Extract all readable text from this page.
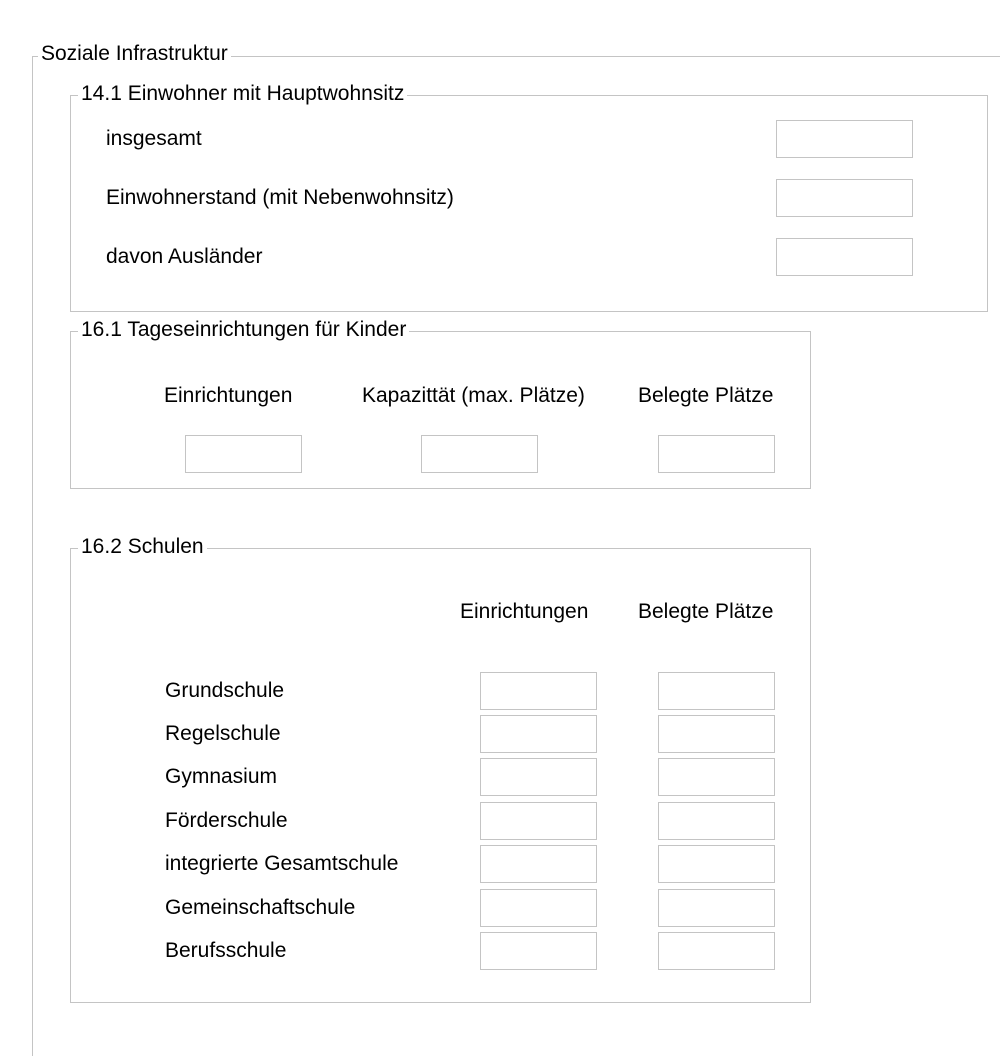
Soziale Infrastruktur
14.1 Einwohner mit Hauptwohnsitz
insgesamt
Einwohnerstand (mit Nebenwohnsitz)
davon Ausländer
16.1 Tageseinrichtungen für Kinder
Einrichtungen	Kapazittät (max. Plätze)	Belegte Plätze
16.2 Schulen
Einrichtungen Belegte Plätze
Grundschule
Regelschule
Gymnasium
Förderschule
integrierte Gesamtschule
Gemeinschaftschule
Berufsschule
